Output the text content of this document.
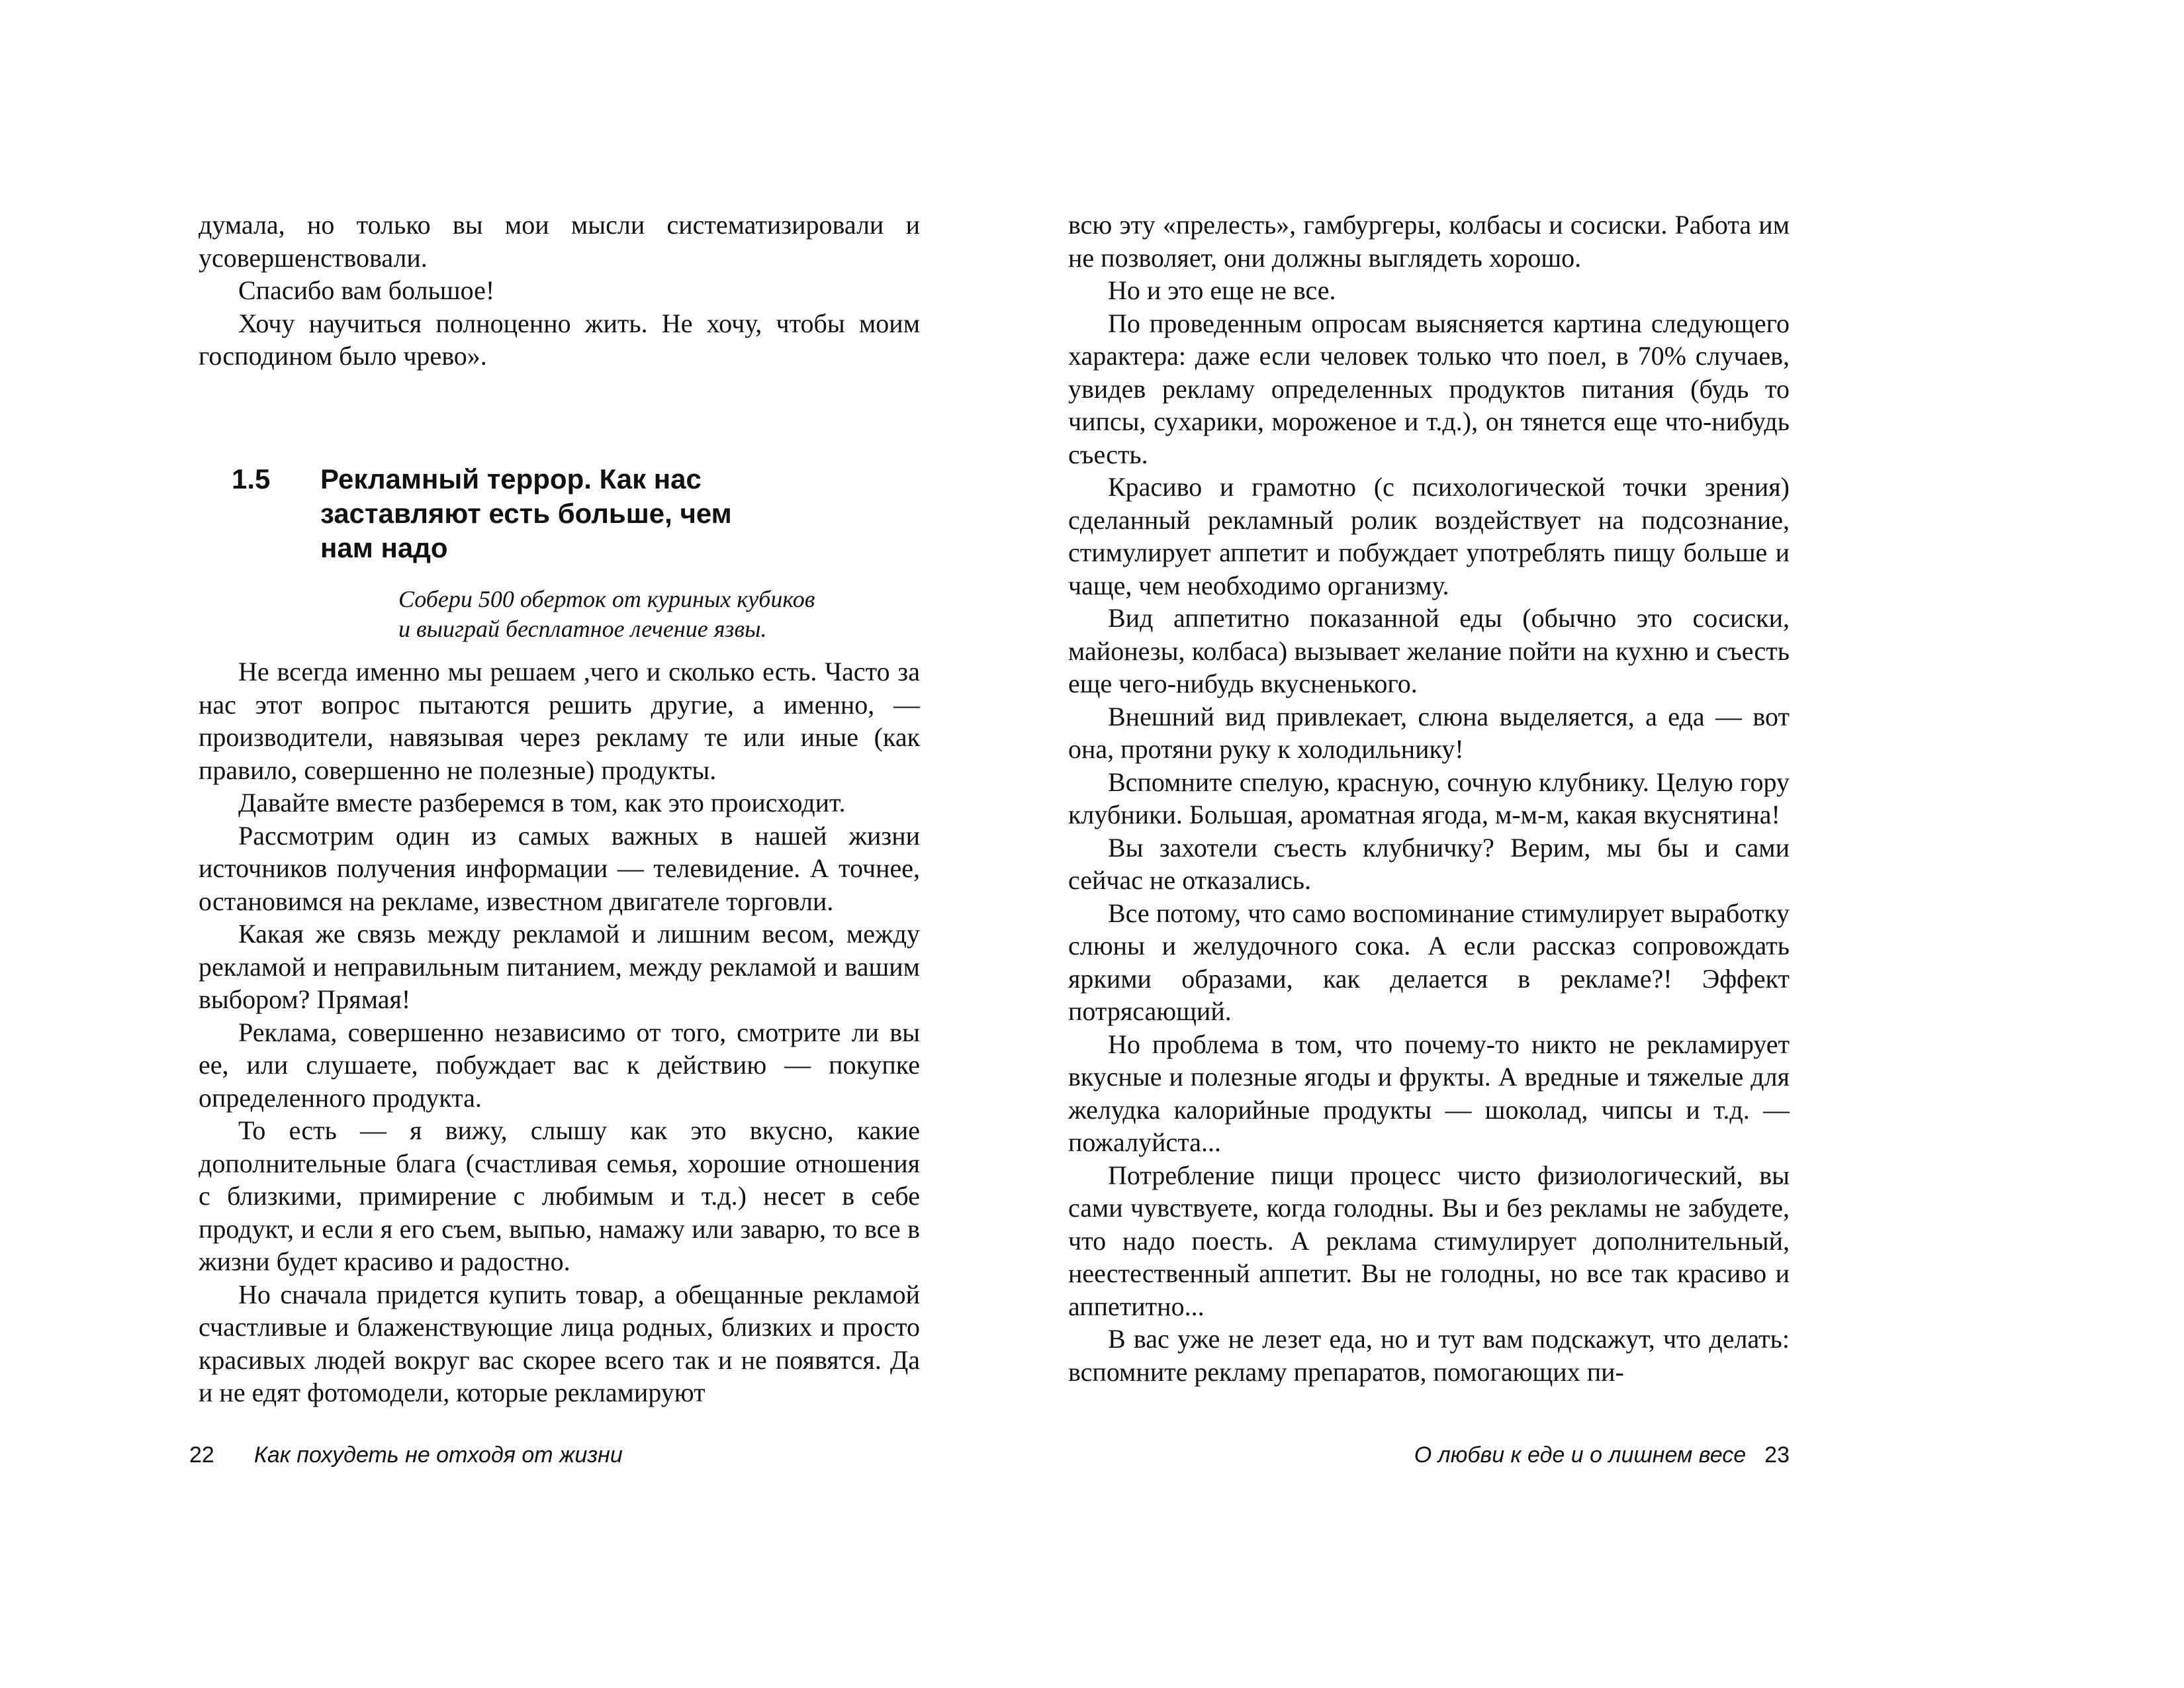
думала, но только вы мои мысли систематизировали и усовершенствовали.

Спасибо вам большое!

Хочу научиться полноценно жить. Не хочу, чтобы моим господином было чрево».

1.5 Рекламный террор. Как нас
заставляют есть больше, чем
нам надо
Собери 500 оберток от куриных кубиков
и выиграй бесплатное лечение язвы.

Не всегда именно мы решаем ,чего и сколько есть. Часто за нас этот вопрос пытаются решить другие, а именно, — производители, навязывая через рекламу те или иные (как правило, совершенно не полезные) продукты.

Давайте вместе разберемся в том, как это происходит.

Рассмотрим один из самых важных в нашей жизни источников получения информации — телевидение. А точнее, остановимся на рекламе, известном двигателе торговли.

Какая же связь между рекламой и лишним весом, между рекламой и неправильным питанием, между рекламой и вашим выбором? Прямая!

Реклама, совершенно независимо от того, смотрите ли вы ее, или слушаете, побуждает вас к действию — покупке определенного продукта.

То есть — я вижу, слышу как это вкусно, какие дополнительные блага (счастливая семья, хорошие отношения с близкими, примирение с любимым и т.д.) несет в себе продукт, и если я его съем, выпью, намажу или заварю, то все в жизни будет красиво и радостно.

Но сначала придется купить товар, а обещанные рекламой счастливые и блаженствующие лица родных, близких и просто красивых людей вокруг вас скорее всего так и не появятся. Да и не едят фотомодели, которые рекламируют

22 Как похудеть не отходя от жизни

всю эту «прелесть», гамбургеры, колбасы и сосиски. Работа им не позволяет, они должны выглядеть хорошо.

Но и это еще не все.

По проведенным опросам выясняется картина следующего характера: даже если человек только что поел, в 70% случаев, увидев рекламу определенных продуктов питания (будь то чипсы, сухарики, мороженое и т.д.), он тянется еще что-нибудь съесть.

Красиво и грамотно (с психологической точки зрения) сделанный рекламный ролик воздействует на подсознание, стимулирует аппетит и побуждает употреблять пищу больше и чаще, чем необходимо организму.

Вид аппетитно показанной еды (обычно это сосиски, майонезы, колбаса) вызывает желание пойти на кухню и съесть еще чего-нибудь вкусненького.

Внешний вид привлекает, слюна выделяется, а еда — вот она, протяни руку к холодильнику!

Вспомните спелую, красную, сочную клубнику. Целую гору клубники. Большая, ароматная ягода, м-м-м, какая вкуснятина!

Вы захотели съесть клубничку? Верим, мы бы и сами сейчас не отказались.

Все потому, что само воспоминание стимулирует выработку слюны и желудочного сока. А если рассказ сопровождать яркими образами, как делается в рекламе?! Эффект потрясающий.

Но проблема в том, что почему-то никто не рекламирует вкусные и полезные ягоды и фрукты. А вредные и тяжелые для желудка калорийные продукты — шоколад, чипсы и т.д. — пожалуйста...

Потребление пищи процесс чисто физиологический, вы сами чувствуете, когда голодны. Вы и без рекламы не забудете, что надо поесть. А реклама стимулирует дополнительный, неестественный аппетит. Вы не голодны, но все так красиво и аппетитно...

В вас уже не лезет еда, но и тут вам подскажут, что делать: вспомните рекламу препаратов, помогающих пи-

О любви к еде и о лишнем весе 23
